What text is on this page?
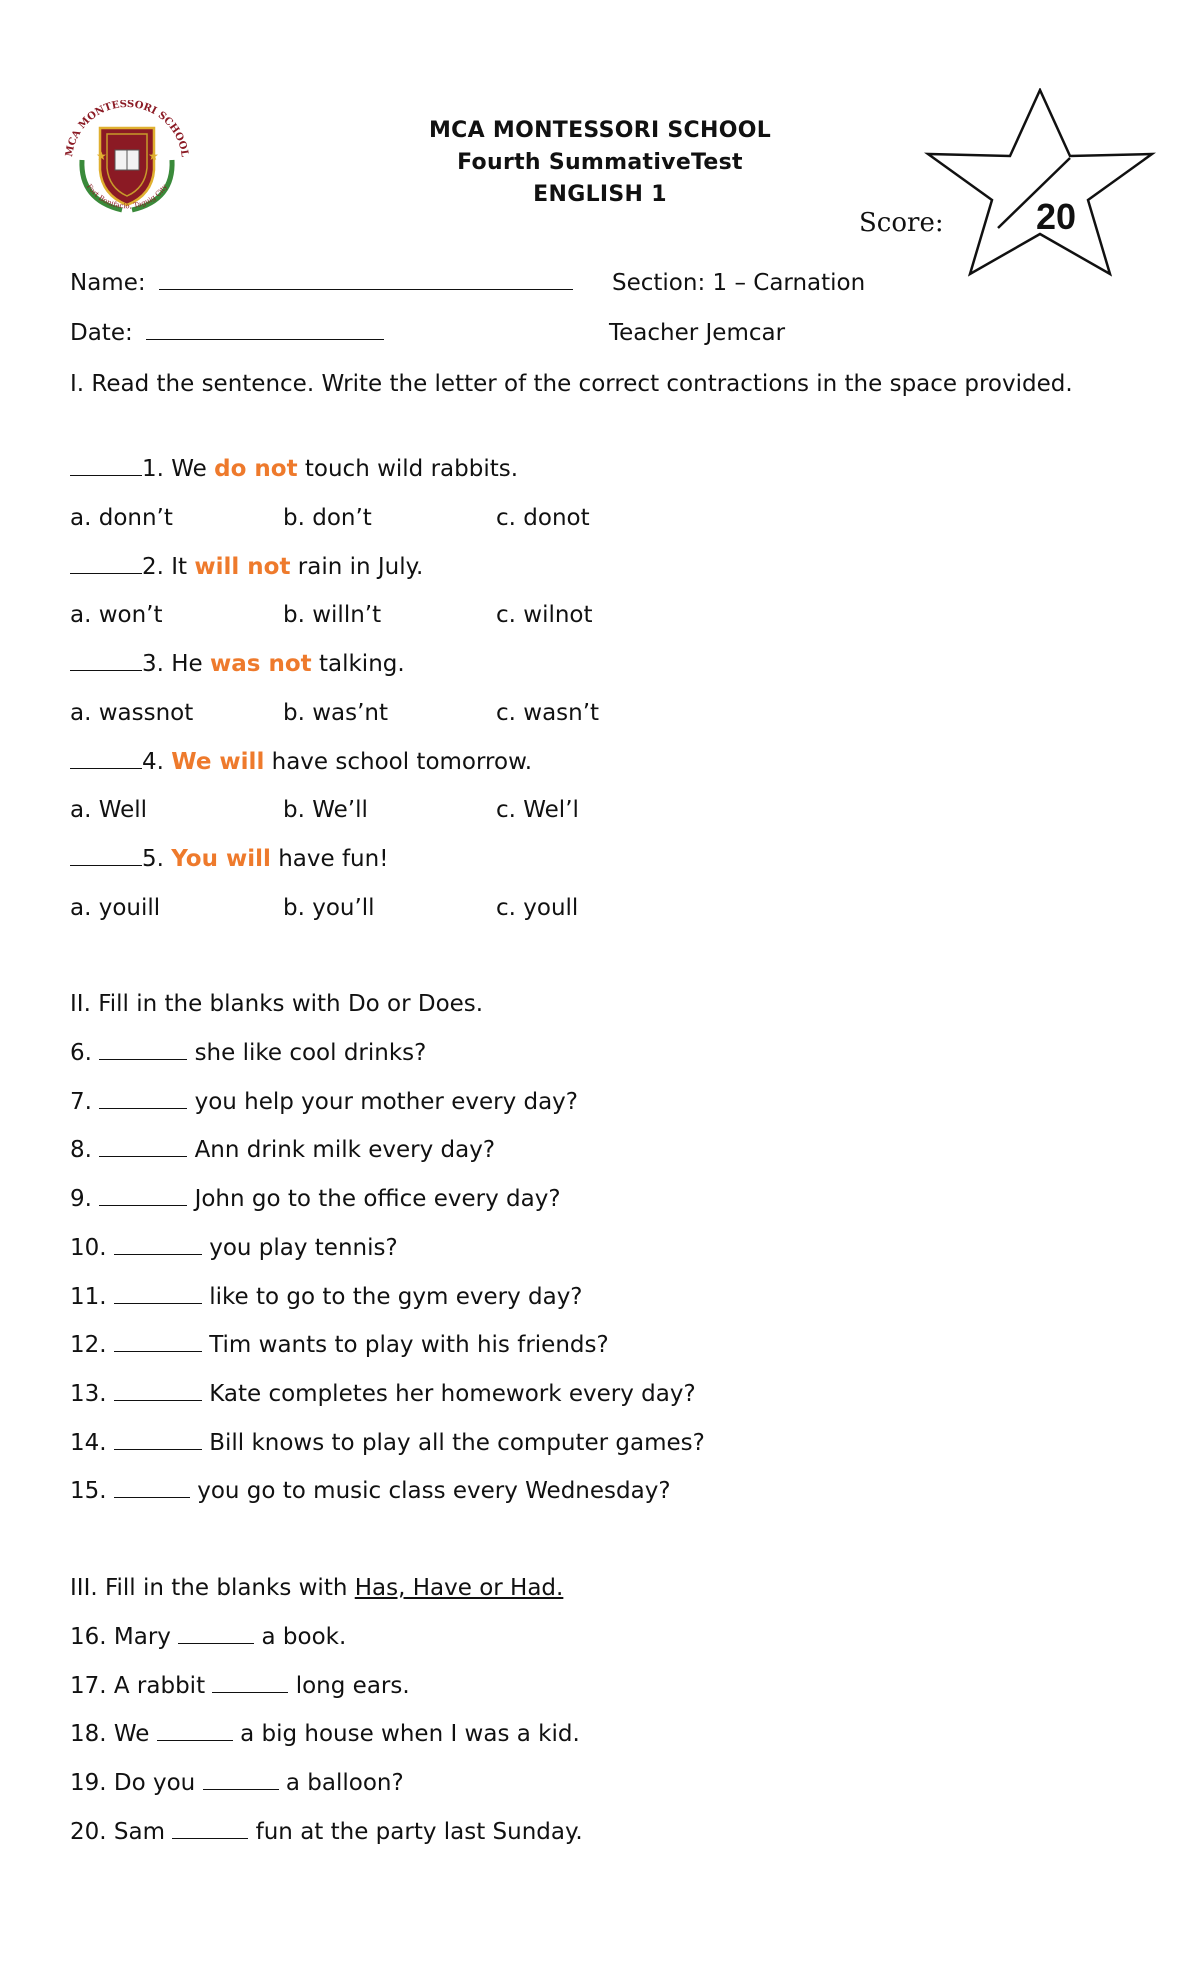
★	★
MCA MONTESSORI SCHOOL
Fort Bonifacio, Taguig City
MCA MONTESSORI SCHOOL
Fourth SummativeTest
ENGLISH 1
Score:	20
Name:	Section: 1 – Carnation
Date:	Teacher Jemcar
I. Read the sentence. Write the letter of the correct contractions in the space provided.
1. We do not touch wild rabbits.
a. donn’t	b. don’t	c. donot
2. It will not rain in July.
a. won’t	b. willn’t	c. wilnot
3. He was not talking.
a. wassnot	b. was’nt	c. wasn’t
4. We will have school tomorrow.
a. Well	b. We’ll	c. Wel’l
5. You will have fun!
a. youill	b. you’ll	c. youll
II. Fill in the blanks with Do or Does.
6.	she like cool drinks?
7.	you help your mother every day?
8.	Ann drink milk every day?
9.	John go to the office every day?
10.	you play tennis?
11.	like to go to the gym every day?
12.	Tim wants to play with his friends?
13.	Kate completes her homework every day?
14.	Bill knows to play all the computer games?
15.	you go to music class every Wednesday?
III. Fill in the blanks with Has, Have or Had.
16. Mary	a book.
17. A rabbit	long ears.
18. We	a big house when I was a kid.
19. Do you	a balloon?
20. Sam	fun at the party last Sunday.
